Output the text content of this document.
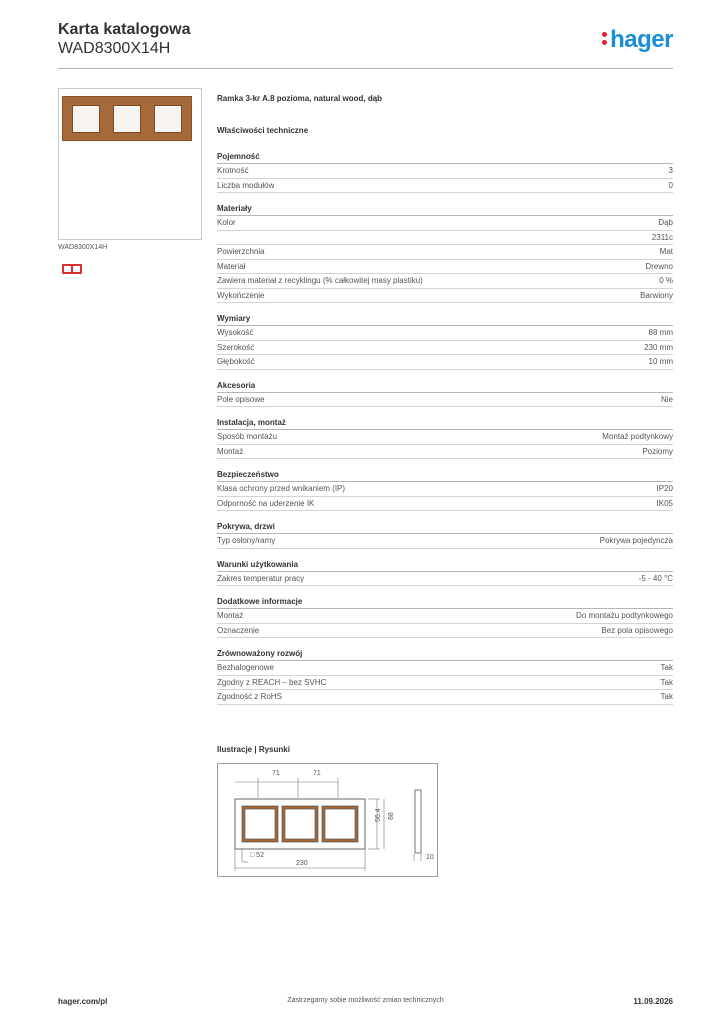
Karta katalogowa
WAD8300X14H	hager
WAD8300X14H
Ramka 3-kr A.8 pozioma, natural wood, dąb
Właściwości techniczne
Pojemność
Krotność	3
Liczba modułów	0
Materiały
Kolor	Dąb
2311c
Powierzchnia	Mat
Materiał	Drewno
Zawiera materiał z recyklingu (% całkowitej masy plastiku)	0 %
Wykończenie	Barwiony
Wymiary
Wysokość	88 mm
Szerokość	230 mm
Głębokość	10 mm
Akcesoria
Pole opisowe	Nie
Instalacja, montaż
Sposób montażu	Montaż podtynkowy
Montaż	Poziomy
Bezpieczeństwo
Klasa ochrony przed wnikaniem (IP)	IP20
Odporność na uderzenie IK	IK05
Pokrywa, drzwi
Typ osłony/ramy	Pokrywa pojedyncza
Warunki użytkowania
Zakres temperatur pracy	-5 - 40 °C
Dodatkowe informacje
Montaż	Do montażu podtynkowego
Oznaczenie	Bez pola opisowego
Zrównoważony rozwój
Bezhalogenowe	Tak
Zgodny z REACH – bez SVHC	Tak
Zgodność z RoHS	Tak
Ilustracje | Rysunki
71	71
230
□ 52	10
56.4 88
hager.com/pl	Zastrzegamy sobie możliwość zmian technicznych	11.09.2026
